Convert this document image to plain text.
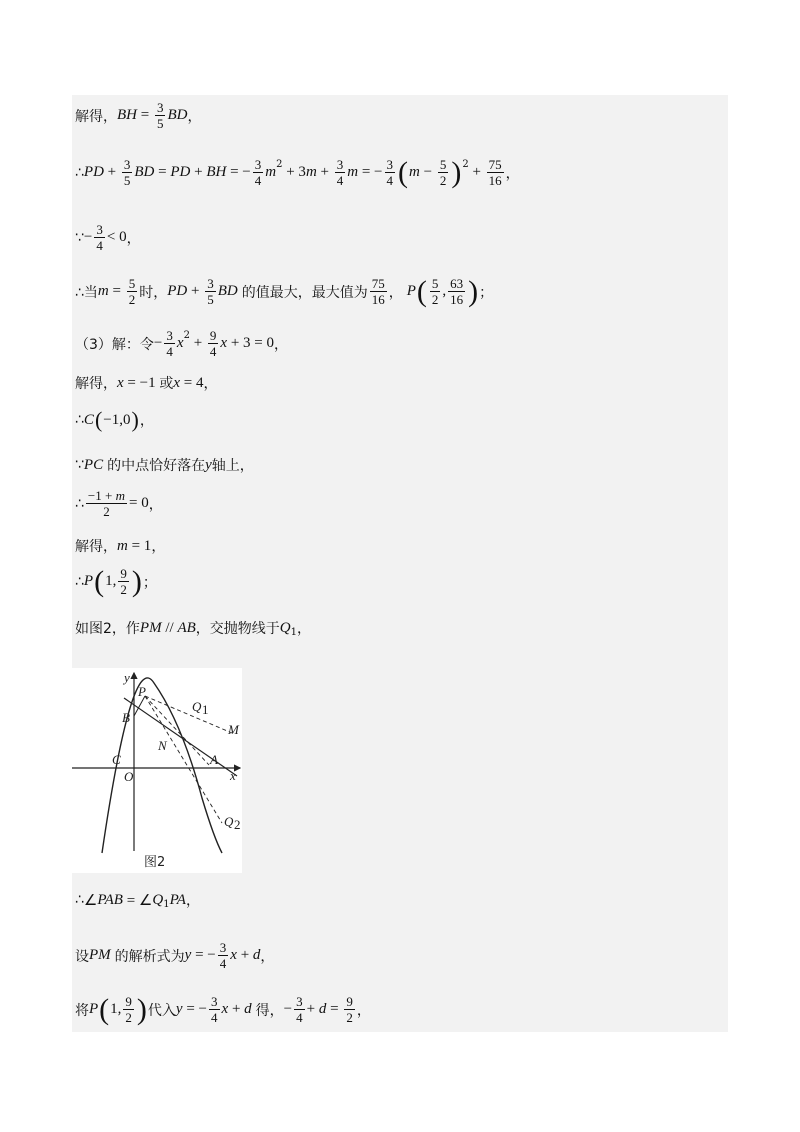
解得， BH = $\frac{3}{5}$ BD ，
∴ PD + $\frac{3}{5}$ BD = PD + BH = − $\frac{3}{4}$ m 2 + 3 $m + \frac{3}{4}$ m = − $\frac{3}{4}$ ( $m - \frac{5}{2}$ ) $2 + \frac{75}{16}$ ，
∵ − $\frac{3}{4} < 0$ ，
∴当 $m = \frac{5}{2}$ 时， PD + $\frac{3}{5}$ BD 的值最大， 最大值为 $\frac{75}{16}$ ， P ( $\frac{5}{2}$ , $\frac{63}{16}$ ) ；
（3）解：令 − $\frac{3}{4}$ x $2 + \frac{9}{4}$ x + 3 = 0 ，
解得， x = −1 或 x = 4 ，
∴ C ( −1,0 ) ，
∵ PC 的中点恰好落在 y 轴上，
∴ $\frac{-1 + m}{2} = 0$ ，
解得， m = 1 ，
∴ P ( 1, $\frac{9}{2}$ ) ；
如图2，作 PM // AB ，交抛物线于 Q 1 ，
y
x
P
B
Q 1
M
N
C
O
A
Q 2
图2
∴ ∠ PAB = ∠ Q 1 PA ，
设 PM 的解析式为 y = − $\frac{3}{4}$ x + d ，
将 P ( 1, $\frac{9}{2}$ ) 代入 y = − $\frac{3}{4}$ x + d 得， − $\frac{3}{4} + d = \frac{9}{2}$ ，
